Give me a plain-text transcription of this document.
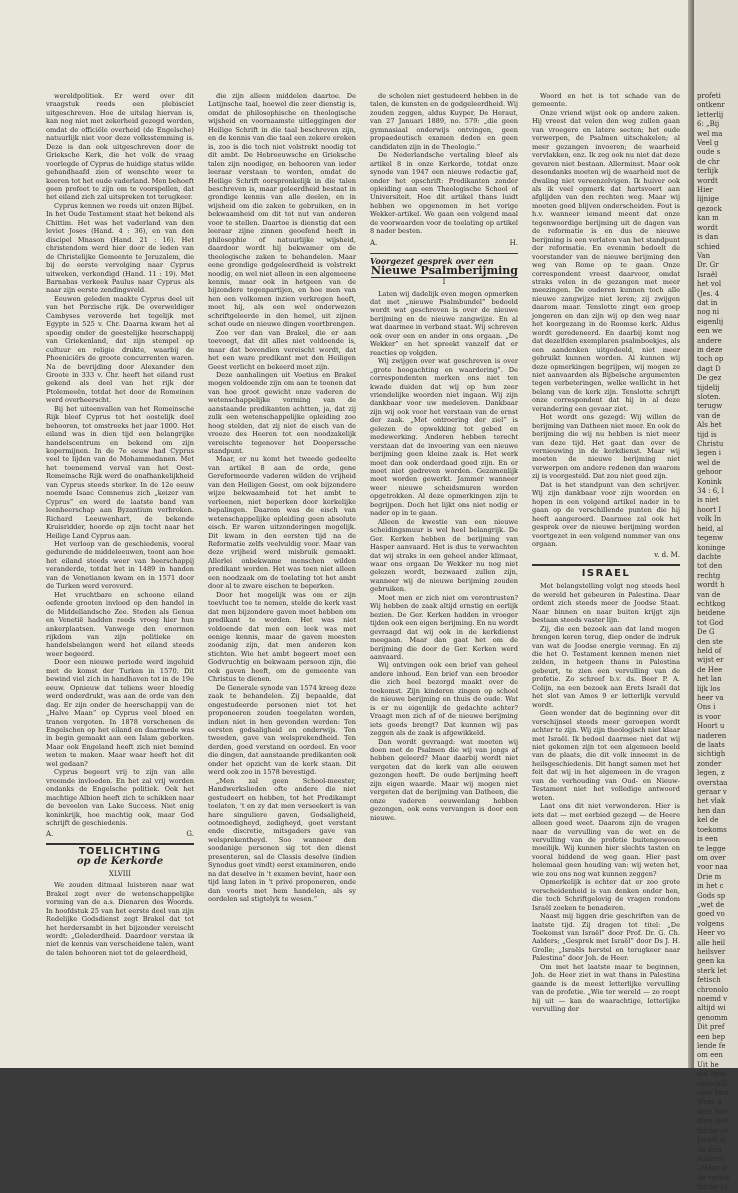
wereldpolitiek. Er werd over dit vraagstuk reeds een plebisciet uitgeschreven. Hoe de uitslag hiervan is, kan nog niet met zekerheid gezegd worden, omdat de officiële overheid (de Engelsche) natuurlijk niet voor deze volksstemming is. Deze is dan ook uitgeschreven door de Grieksche Kerk, die het volk de vraag voorlegde of Cyprus de huidige status wilde gehandhaafd zien of wenschte weer te keeren tot het oude vaderland. Men behoeft geen profeet te zijn om te voorspellen, dat het eiland zich zal uitspreken tot terugkeer.

Cyprus kennen we reeds uit onzen Bijbel. In het Oude Testament staat het bekend als Chittim. Het was het vaderland van den leviet Joses (Hand. 4 : 36), en van den discipel Mnason (Hand. 21 : 16). Het christendom werd hier door de leden van de Christelijke Gemeente te Jeruzalem, die bij de eerste vervolging naar Cyprus uitweken, verkondigd (Hand. 11 : 19). Met Barnabas verkeek Paulus naar Cyprus als naar zijn eerste zendingsveld.

Eeuwen geleden maakte Cyprus deel uit van het Perzische rijk. De overweldiger Cambyses veroverde het tegelijk met Egypte in 525 v. Chr. Daarna kwam het al spoedig onder de geestelijke heerschappij van Griekenland, dat zijn stempel op cultuur en religie drukte, waarbij de Phoeniciërs de groote concurrenten waren. Na de bevrijding door Alexander den Groote in 333 v. Chr. heeft het eiland rust gekend als deel van het rijk der Ptolemeeën, totdat het door de Romeinen werd overheerscht.

Bij het uiteenvallen van het Romeinsche Rijk bleef Cyprus tot het oostelijk deel behooren, tot omstreeks het jaar 1000. Het eiland was in dien tijd een belangrijke handelscentrum en bekend om zijn kopermijnen. In de 7e eeuw had Cyprus veel te lijden van de Mohammedanen. Met het toenemend verval van het Oost-Romeinsche Rijk werd de onafhankelijkheid van Cyprus steeds sterker. In de 12e eeuw noemde Isaac Comnenus zich „keizer van Cyprus” en werd de laatste band van leenheerschap aan Byzantium verbroken. Richard Leeuwenhart, de bekende Kruisridder, hoorde op zijn tocht naar het Heilige Land Cyprus aan.

Het verloop van de geschiedenis, vooral gedurende de middeleeuwen, toont aan hoe het eiland steeds weer van heerschappij veranderde, totdat het in 1489 in handen van de Venetianen kwam en in 1571 door de Turken werd veroverd.

Het vruchtbare en schoone eiland oefende grooten invloed op den handel in de Middellandsche Zee. Steden als Genua en Venetië hadden reeds vroeg hier hun ankerplaatsen. Vanwege den enormen rijkdom van zijn politieke en handelsbelangen werd het eiland steeds weer begeerd.

Door een nieuwe periode werd ingeluid met de komst der Turken in 1570. Dit bewind viel zich in handhaven tot in de 19e eeuw. Opnieuw dat teliens weer bloedig werd onderdrukt, was aan de orde van den dag. Er zijn onder de heerschappij van de „Halve Maan” op Cyprus veel bloed en tranen vergoten. In 1878 verschenen de Engelschen op het eiland en daarmede was in begin gemaakt aan een Islam geborken. Maar ook Engeland heeft zich niet bemind weten te maken. Maar waar heeft het dit wel gedaan?

Cyprus begeert vrij te zijn van alle vreemde invloeden. En het zal vrij worden ondanks de Engelsche politiek. Ook het machtige Albion heeft zich te schikken naar de beveelen van Lake Success. Niet enig koninkrijk, hoe machtig ook, maar God schrijft de geschiedenis.

A.	G.
TOELICHTING
op de Kerkorde
XLVIII

We zouden ditmaal luisteren naar wat Brakel zegt over de wetenschappelijke vorming van de a.s. Dienaren des Woords. In hoofdstuk 25 van het eerste deel van zijn Redelijke Godsdienst zegt Brakel dat tot het herdersambt in het bijzonder vereischt wordt: „Gelederdheid. Daardoor verstaa ik niet de kennis van verscheidene talen, want de talen behooren niet tot de geleerdheid,

die zijn alleen middelen daartoe. De Latijnsche taal, hoewel die zeer dienstig is, omdat de philosophische en theologische wijsheid en voornaamste uitleggingen der Heilige Schrift in die taal beschreven zijn, en de kennis van die taal een zekere ereken is, zoo is die toch niet volstrekt noodig tot dit ambt. De Hebreeuwsche en Grieksche talen zijn noodiger, en behooren van ieder leeraar verstaan te worden, omdat de Heilige Schrift oorspronkelijk in die talen beschreven is, maar geleerdheid bestaat in grondige kennis van alle deelen, en in wijsheid om die zaken te gebruiken, en in bekwaamheid om dit tot nut van anderen voor te stellen. Daartoe is dienstig dat een leeraar zijne zinnen geoefend heeft in philosophie of natuurlijke wijsheid, daardoor wordt hij bekwamer om de theologische zaken te behandelen. Maar eene grondige godgeleerdheid is volstrekt noodig, en wel niet alleen in een algemeene kennis, maar ook in hetgeen van de bijzondere tegenpartijen, en hoe men van hen een volkomen inzien verkregen heeft, moet hij, als een wel onderwezen schriftgeleerde in den hemel, uit zijnen schat oude en nieuwe dingen voortbrengen.

Zoo ver dan van Brakel, die er aan toevoegt, dat dit alles niet voldoende is, maar dat bovendien vereischt wordt, dat het een ware predikant met den Heiligen Geest verlicht en bekeerd moet zijn.

Deze aanhalingen uit Voetius en Brakel mogen voldoende zijn om aan te toonen dat van hoe groot gewicht onze vaderen de wetenschappelijke vorming van de aanstaande predikanten achtten, ja, dat zij zulk een wetenschappelijke opleiding zoo hoog stelden, dat zij niet de eisch van de vreeze des Heeren tot een noodzakelijk vereischte tegenover het Dooperssche standpunt.

Maar, er nu komt het tweede gedeelte van artikel 8 aan de orde, gene Gereformeerde vaderen wilden de vrijheid van den Heiligen Geest, om ook bijzondere wijze bekwaamheid tot het ambt te verleenen, niet beperken door kerkelijke bepalingen. Daarom was de eisch van wetenschappelijke opleiding geen absolute eisch. Er waren uitzonderingen mogelijk. Dit kwam in den eersten tijd na de Reformatie zelfs veelvuldig voor. Maar van deze vrijheid werd misbruik gemaakt. Allerlei onbekwame menschen wilden predikant worden. Het was toen niet alleen een noodzaak om de toelating tot het ambt door al te zware eischen te beperken.

Door het mogelijk was om er zijn toevlucht toe te nemen, stelde de kerk vast dat men bijzondere gaven moet hebben om predikant te worden. Het was niet voldoende dat men een leek was met eenige kennis, maar de gaven moesten zoodanig zijn, dat men anderen kon stichten. Wie het ambt begeert moet een Godvruchtig en bekwaam persoon zijn, die ook gaven heeft, om de gemeente van Christus te dienen.

De Generale synode van 1574 kreeg deze zaak te behandelen. Zij bepaalde, dat ongestudeerde personen niet tot het proponeeren zouden toegelaten worden, indien niet in hen gevonden werden: Ten eersten godsaligheid en onderwijs. Ten tweeden, gave van welsprekendheid. Ten derden, goed verstand en oordeel. En voor die dingen, dat aanstaande predikanten ook onder het opzicht van de kerk staan. Dit werd ook zoo in 1578 bevestigd.

„Men zal geen School-meester, Handwerkslieden ofte andere die niet gestudeert en hebben, tot het Predikampt toelaten, 't en zy dat men verseekert is van hare singuliere gaven, Godsaligheid, ootmoedigheyd, zedigheyd, goet verstant ende discretie, mitsgaders gave van welsprekentheyd. Soo wanneer den soodanige personen sig tot den dienst presenteren, sal de Classis deselve (indien Synodus goet vindt) eerst examineren, ende na dat deselve in 't examen bevint, haer een tijd lang laten in 't privé proponeren, ende dan voorts met hem handelen, als sy oordelen sal stigtelyk te wesen.”

de scholen niet gestudeerd hebben in de talen, de kunsten en de godgeleerdheid. Wij zouden zeggen, aldus Kuyper, De Heraut, van 27 Januari 1889, no. 579: „die geen gymnasiaal onderwijs ontvingen, geen propaedeutisch examen deden en geen candidaten zijn in de Theologie.”

De Nederlandsche vertaling bleef als artikel 8 in onze Kerkorde, totdat onze synode van 1947 een nieuwe redactie gaf, onder het opschrift: Predikanten zonder opleiding aan een Theologische School of Universiteit. Hoe dit artikel thans luidt hebben we opgenomen in het vorige Wekker-artikel. We gaan een volgend maal de voorwaarden voor de toelating op artikel 8 nader besten.

A.	H.
Voorgezet gesprek over een
Nieuwe Psalmberijming
I

Laten wij dadelijk even mogen opmerken dat met „nieuwe Psalmbundel” bedoeld wordt wat geschreven is over de nieuwe berijming en de nieuwe zangwijze. En al wat daarmee in verband staat. Wij schreven ook over een en ander in ons orgaan. „De Wekker” en het spreekt vanzelf dat er reacties op volgden.

Wij zwijgen over wat geschreven is over „grote hoogachting en waardering”. De correspondenten merken ons niet ten kwade duiden dat wij op hun zeer vriendelijke woorden niet ingaan. Wij zijn dankbaar voor uw medeleven. Dankbaar zijn wij ook voor het verstaan van de ernst der zaak. „Met ontroering der ziel” is gelezen de opwekking tot gebed en medewerking. Anderen hebben terecht verstaan dat de invoering van een nieuwe berijming geen kleine zaak is. Het werk moet dan ook onderdaad goed zijn. En er moet niet gedreven worden. Gezamenlijk moet worden gewerkt. Jammer wanneer weer nieuwe scheidsmuren worden opgetrokken. Al deze opmerkingen zijn te begrijpen. Doch het lijkt ons niet nodig er nader op in te gaan.

Alleen de kwestie van een nieuwe scheidingsmuur is wel heel belangrijk. De Ger. Kerken hebben de berijming van Hasper aanvaard. Het is dus te verwachten dat wij straks in een geheel ander klimaat, waar ons orgaan De Wekker nu nog niet gelezen wordt, bezwaard zullen zijn, wanneer wij de nieuwe berijming zouden gebruiken.

Moet men er zich niet om verontrusten? Wij hebben de zaak altijd ernstig en eerlijk bezien. De Ger. Kerken hadden in vroeger tijden ook een eigen berijming. En nu wordt gevraagd dat wij ook in de kerkdienst meegaan. Maar dan gaat het om de berijming die door de Ger. Kerken werd aanvaard.

Wij ontvingen ook een brief van geheel andere inhoud. Een brief van een broeder die zich heel bezorgd maakt over de toekomst. Zijn kinderen zingen op school de nieuwe berijming en thuis de oude. Wat is er nu eigenlijk de gedachte achter? Vraagt men zich af of de nieuwe berijming iets goeds brengt? Dat kunnen wij pas zeggen als de zaak is afgewikkeld.

Dan wordt gevraagd: wat moeten wij doen met de Psalmen die wij van jongs af hebben geleerd? Maar daarbij wordt niet vergeten dat de kerk van alle eeuwen gezongen heeft. De oude berijming heeft zijn eigen waarde. Maar wij mogen niet vergeten dat de berijming van Datheen, die onze vaderen eeuwenlang hebben gezongen, ook eens vervangen is door een nieuwe.

Woord en het is tot schade van de gemeente.

Onze vriend wijst ook op andere zaken. Hij vreest dat velen den weg zullen gaan van vroegere en latere secten; het oude verwerpen, de Psalmen uitschakelen; al meer gezangen invoeren; de waarheid vervlakken, enz. Ik zeg ook nu niet dat deze gevaren niet bestaan. Allerminst. Maar ook desondanks moeten wij de waarheid met de dwaling niet vereenzelvigen. Ik huiver ook als ik veel opmerk dat hartsvoert aan afglijden van den rechten weg. Maar wij moeten goed blijven onderscheiden. Fout is h.v. wanneer iemand meent dat onze tegenwoordige berijming uit de dagen van de reformatie is en dus de nieuwe berijming is een verlaten van het standpunt der reformatie. En evenmin bedoelt de voorstander van de nieuwe berijming den weg van Rome op te gaan. Onze correspondent vreest daarvoor, omdat straks velen in de gezangen met meer meezingen. De ouderen kunnen toch alle nieuwe zangwijze niet leren; zij zwijgen daarom maar. Tenslotte zingt een groep jongeren en dan zijn wij op den weg naar het koorgezang in de Roomse kerk. Aldus wordt geredeneerd. En daarbij komt nog dat dezelfden exemplaren psalmboekjes, als een aandenken uitgedeeld, niet meer gebruikt kunnen worden. Al kunnen wij deze opmerkingen begrijpen, wij mogen ze niet aanvaarden als Bijbelsche argumenten tegen verbeteringen, welke wellicht in het belang van de kerk zijn. Tenslotte schrijft onze correspondent dat hij in al deze verandering een gevaar ziet.

Het wordt ons gezegd: Wij willen de berijming van Datheen niet meer. En ook de berijming die wij nu hebben is niet meer van deze tijd. Het gaat dan over de vernieuwing in de kerkdienst. Maar wij moeten de nieuwe berijming niet verwerpen om andere redenen dan waarom zij is voorgesteld. Dat zou niet goed zijn.

Dat is het standpunt van den schrijver. Wij zijn dankbaar voor zijn woorden en hopen in een volgend artikel nader in te gaan op de verschillende punten die hij heeft aangeroerd. Daarmee zal ook het gesprek over de nieuwe berijming worden voortgezet in een volgend nummer van ons orgaan.

v. d. M.
ISRAEL

Met belangstelling volgt nog steeds heel de wereld het gebeuren in Palestina. Daar ordent zich steeds meer de Joodse Staat. Naar binnen en naar buiten krijgt zijn bestaan steeds vaster lijn.

Zij, die een bezoek aan dat land mogen brengen keren terug, diep onder de indruk van wat de Joodse energie vermag. En zij die het O. Testament kennen menen niet zelden, in hetgeen thans in Palestina gebeurt, te zien een vervulling van de profetie. Zo schreef b.v. ds. Beer P. A. Colijn, na een bezoek aan Erets Israël dat het slot van Amos 9 er letterlijk vervuld wordt.

Geen wonder dat de beginning over dit verschijnsel steeds meer geroepen wordt achter te zijn. Wij zijn theologisch niet klaar met Israël. Ik bedoel daarmee niet dat wij niet gekomen zijn tot een algemeen beeld van de plaats, die dit volk inneemt in de heilsgeschiedenis. Dit hangt samen met het feit dat wij in het algemeen in de vragen van de verhouding van Oud- en Nieuw-Testament niet het volledige antwoord weten.

Laat ons dit niet verwonderen. Hier is iets dat — met eerbied gezegd — de Heere alleen goed weet. Daarom zijn de vragen naar de vervulling van de wet en de vervulling van de profetie buitengewoon moeilijk. Wij kunnen hier slechts tasten en vooral biddend de weg gaan. Hier past helemaal geen houding van: wij weten het, wie zou ons nog wat kunnen zeggen?

Opmerkelijk is echter dat er zoo grote verscheidenheid is van denken onder hen, die toch Schriftgelovig de vragen rondom Israël zoeken te benaderen.

Naast mij liggen drie geschriften van de laatste tijd. Zij dragen tot titel: „De Toekomst van Israël” door Prof. Dr. G. Ch. Aalders; „Gesprek met Israël” door Ds J. H. Grolle; „Israëls herstel en terugkeer naar Palestina” door Joh. de Heer.

Om met het laatste maar te beginnen, Joh. de Heer ziet in wat thans in Palestina gaande is de meest letterlijke vervulling van de profetie. „Wie ter wereld — zo roept hij uit — kan de waarachtige, letterlijke vervulling der

profeti
ontkenr
letterlij
6: „Bij
wel ma
Veel g
oude s
de chr
terlijk
wordt
Hier
lijnige
gezock
kan m
wordt
is dan
schied
Van
Dr. Gr
Israël
het vol
(Jes. 4
dat in
nog ni
eigenlij
een we
andere
in deze
toch op
dagt D
De gez
tijdelij
sloten.
terugw
van de
Als het
tijd is
Christu
legen i
wel de
gehoor
Konink
34 : 6, l
is niet
hoort I
volk In
heid, al
tegenw
koninge
dachte
tot den
rechtg
wordt h
van de
echtkog
beidene
tot God
De G
den ste
held of
wijst er
de Hee
het lan
lijk los
heer va
Ons i
is voor
Hoort u
naderen
de laats
sichtigh
zonder
legen, z
overstaa
geraar v
het vlak
hen dan
kel de
toekoms
is een
te legge
om over
voor naa
Drie m
in het c
Gods sp
„wet de
goed vo
volgens
Heer vo
alle heil
heilsver
geen ka
sterk let
fetisch
chronolo
noemd v
altijd wi
genomm
Dit pref
een bep
lende fe
om een
Uit he
dat beid
verschill
over Isra
Weer a
ders bov
dien stel
tische pe
Israël al
de Kna
Aalders
„Maar w
de verwe
tische to
